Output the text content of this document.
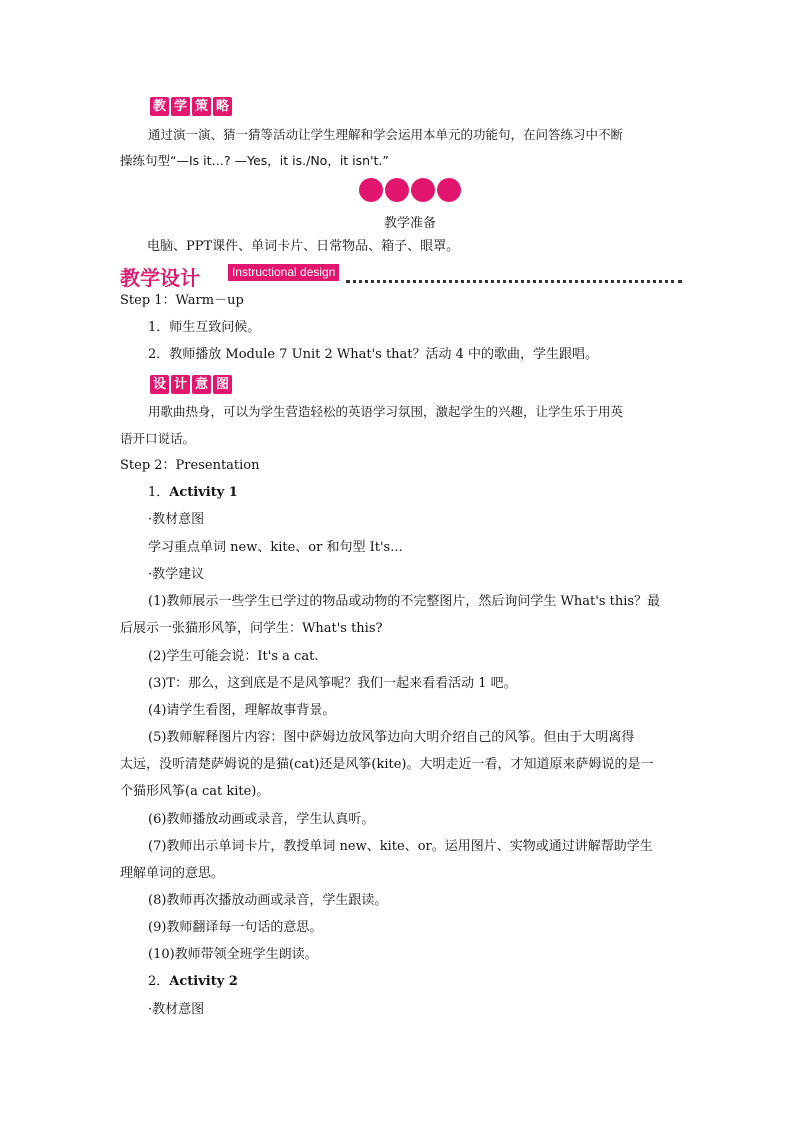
教 学 策 略
通过演一演、猜一猜等活动让学生理解和学会运用本单元的功能句，在问答练习中不断
操练句型“—Is it…? —Yes，it is./No，it isn't.”
教学准备
电脑、PPT课件、单词卡片、日常物品、箱子、眼罩。
教学设计	Instructional design
Step 1：Warm－up
1．师生互致问候。
2．教师播放 Module 7 Unit 2 What's that？活动 4 中的歌曲，学生跟唱。
设 计 意 图
用歌曲热身，可以为学生营造轻松的英语学习氛围，激起学生的兴趣，让学生乐于用英
语开口说话。
Step 2：Presentation
1．Activity 1
·教材意图
学习重点单词 new、kite、or 和句型 It's...
·教学建议
(1)教师展示一些学生已学过的物品或动物的不完整图片，然后询问学生 What's this？最
后展示一张猫形风筝，问学生：What's this?
(2)学生可能会说：It's a cat.
(3)T：那么，这到底是不是风筝呢？我们一起来看看活动 1 吧。
(4)请学生看图，理解故事背景。
(5)教师解释图片内容：图中萨姆边放风筝边向大明介绍自己的风筝。但由于大明离得
太远，没听清楚萨姆说的是猫(cat)还是风筝(kite)。大明走近一看，才知道原来萨姆说的是一
个猫形风筝(a cat kite)。
(6)教师播放动画或录音，学生认真听。
(7)教师出示单词卡片，教授单词 new、kite、or。运用图片、实物或通过讲解帮助学生
理解单词的意思。
(8)教师再次播放动画或录音，学生跟读。
(9)教师翻译每一句话的意思。
(10)教师带领全班学生朗读。
2．Activity 2
·教材意图
